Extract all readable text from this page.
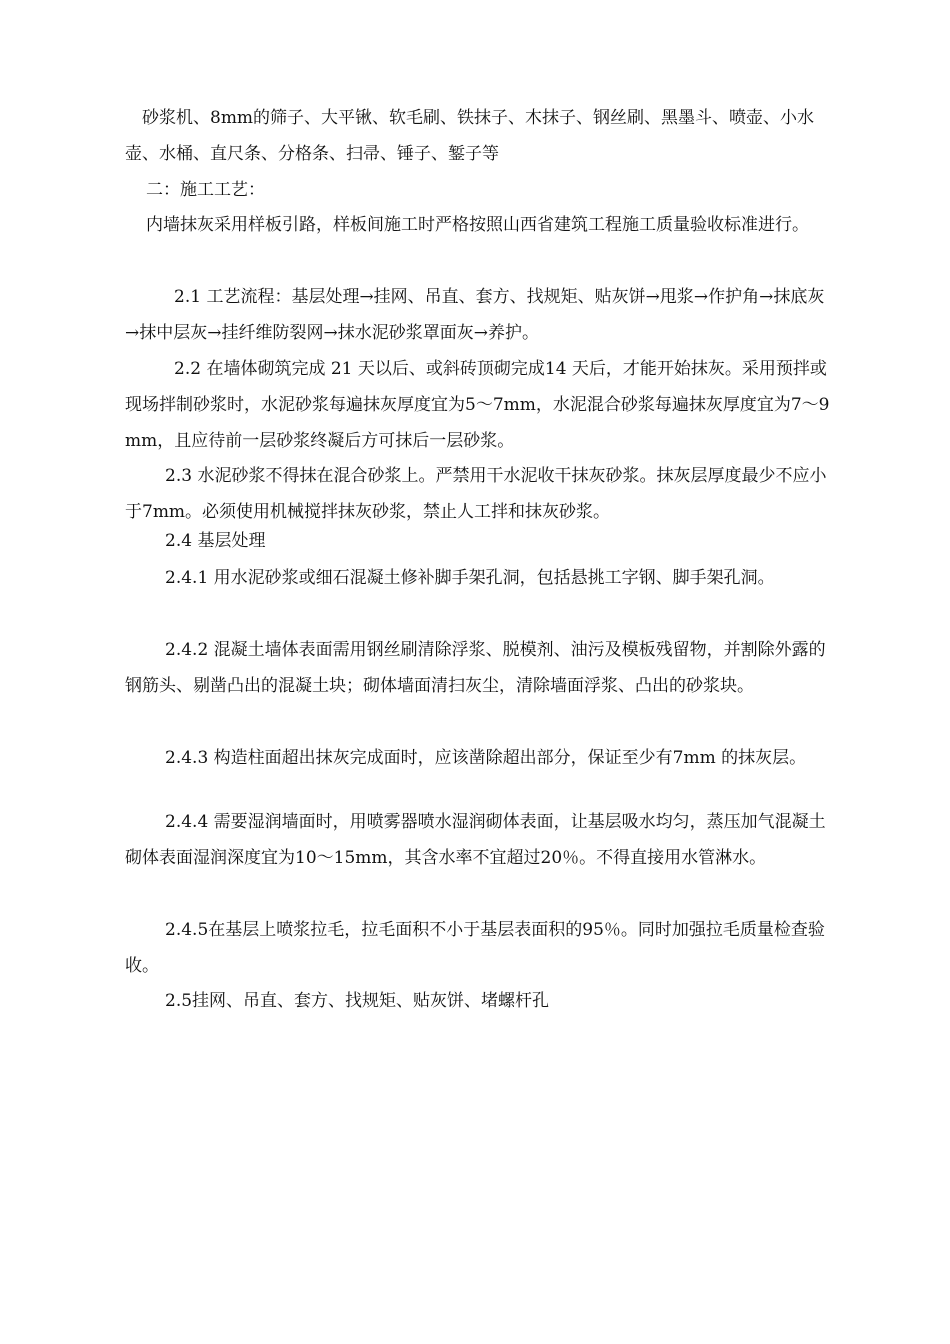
　砂浆机、8mm的筛子、大平锹、软毛刷、铁抹子、木抹子、钢丝刷、黑墨斗、喷壶、小水壶、水桶、直尺条、分格条、扫帚、锤子、錾子等

二：施工工艺：

内墙抹灰采用样板引路，样板间施工时严格按照山西省建筑工程施工质量验收标准进行。

2.1 工艺流程：基层处理→挂网、吊直、套方、找规矩、贴灰饼→甩浆→作护角→抹底灰→抹中层灰→挂纤维防裂网→抹水泥砂浆罩面灰→养护。

2.2 在墙体砌筑完成 21 天以后、或斜砖顶砌完成14 天后，才能开始抹灰。采用预拌或现场拌制砂浆时，水泥砂浆每遍抹灰厚度宜为5～7mm，水泥混合砂浆每遍抹灰厚度宜为7～9mm，且应待前一层砂浆终凝后方可抹后一层砂浆。

2.3 水泥砂浆不得抹在混合砂浆上。严禁用干水泥收干抹灰砂浆。抹灰层厚度最少不应小于7mm。必须使用机械搅拌抹灰砂浆，禁止人工拌和抹灰砂浆。

2.4 基层处理

2.4.1 用水泥砂浆或细石混凝土修补脚手架孔洞，包括悬挑工字钢、脚手架孔洞。

2.4.2 混凝土墙体表面需用钢丝刷清除浮浆、脱模剂、油污及模板残留物，并割除外露的钢筋头、剔凿凸出的混凝土块；砌体墙面清扫灰尘，清除墙面浮浆、凸出的砂浆块。

2.4.3 构造柱面超出抹灰完成面时，应该凿除超出部分，保证至少有7mm 的抹灰层。

2.4.4 需要湿润墙面时，用喷雾器喷水湿润砌体表面，让基层吸水均匀，蒸压加气混凝土砌体表面湿润深度宜为10～15mm，其含水率不宜超过20％。不得直接用水管淋水。

2.4.5在基层上喷浆拉毛，拉毛面积不小于基层表面积的95％。同时加强拉毛质量检查验收。

2.5挂网、吊直、套方、找规矩、贴灰饼、堵螺杆孔
